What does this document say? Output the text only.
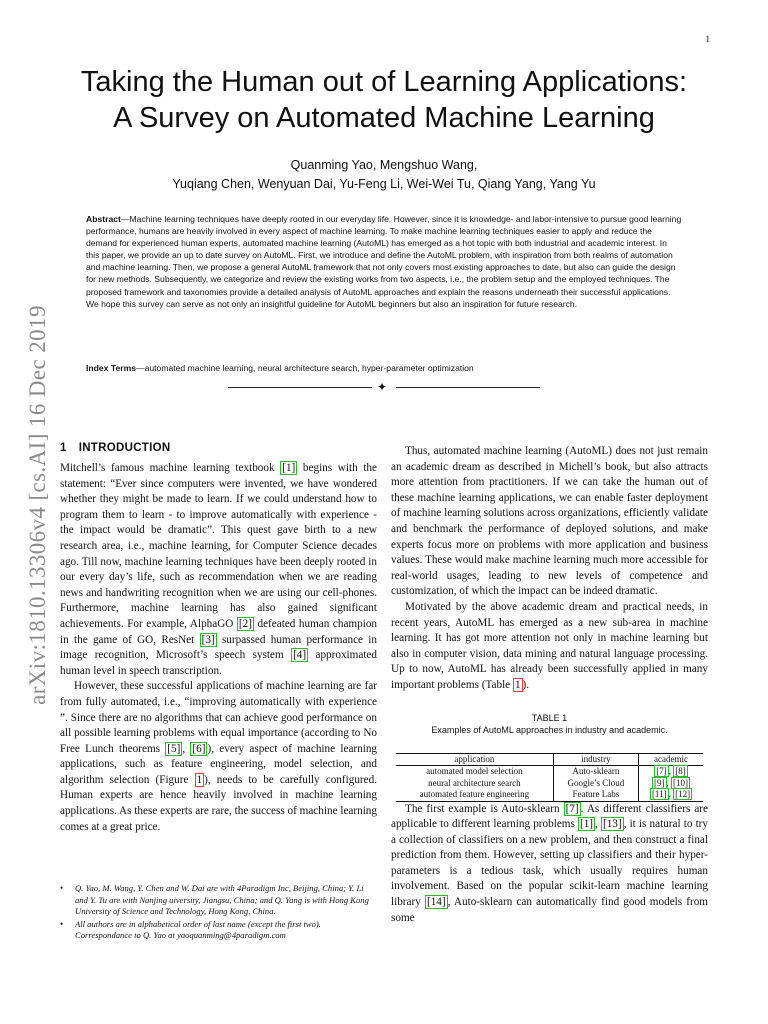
1
arXiv:1810.13306v4 [cs.AI] 16 Dec 2019
Taking the Human out of Learning Applications:
A Survey on Automated Machine Learning
Quanming Yao, Mengshuo Wang,
Yuqiang Chen, Wenyuan Dai, Yu-Feng Li, Wei-Wei Tu, Qiang Yang, Yang Yu
Abstract—Machine learning techniques have deeply rooted in our everyday life. However, since it is knowledge- and labor-intensive to pursue good learning performance, humans are heavily involved in every aspect of machine learning. To make machine learning techniques easier to apply and reduce the demand for experienced human experts, automated machine learning (AutoML) has emerged as a hot topic with both industrial and academic interest. In this paper, we provide an up to date survey on AutoML. First, we introduce and define the AutoML problem, with inspiration from both realms of automation and machine learning. Then, we propose a general AutoML framework that not only covers most existing approaches to date, but also can guide the design for new methods. Subsequently, we categorize and review the existing works from two aspects, i.e., the problem setup and the employed techniques. The proposed framework and taxonomies provide a detailed analysis of AutoML approaches and explain the reasons underneath their successful applications. We hope this survey can serve as not only an insightful guideline for AutoML beginners but also an inspiration for future research.
Index Terms—automated machine learning, neural architecture search, hyper-parameter optimization
✦
1 INTRODUCTION

Mitchell’s famous machine learning textbook [1] begins with the statement: “Ever since computers were invented, we have wondered whether they might be made to learn. If we could understand how to program them to learn - to improve automatically with experience - the impact would be dramatic”. This quest gave birth to a new research area, i.e., machine learning, for Computer Science decades ago. Till now, machine learning techniques have been deeply rooted in our every day’s life, such as recommendation when we are reading news and handwriting recognition when we are using our cell-phones. Furthermore, machine learning has also gained significant achievements. For example, AlphaGO [2] defeated human champion in the game of GO, ResNet [3] surpassed human performance in image recognition, Microsoft’s speech system [4] approximated human level in speech transcription.

However, these successful applications of machine learning are far from fully automated, i.e., “improving automatically with experience ”. Since there are no algorithms that can achieve good performance on all possible learning problems with equal importance (according to No Free Lunch theorems [5] , [6] ), every aspect of machine learning applications, such as feature engineering, model selection, and algorithm selection (Figure 1 ), needs to be carefully configured. Human experts are hence heavily involved in machine learning applications. As these experts are rare, the success of machine learning comes at a great price.

• Q. Yao, M. Wang, Y. Chen and W. Dai are with 4Paradigm Inc, Beijing, China; Y. Li and Y. Tu are with Nanjing uiversity, Jiangsu, China; and Q. Yang is with Hong Kong University of Science and Technology, Hong Kong, China.
• All authors are in alphabetical order of last name (except the first two). Correspondance to Q. Yao at yaoquanming@4paradigm.com

Thus, automated machine learning (AutoML) does not just remain an academic dream as described in Michell’s book, but also attracts more attention from practitioners. If we can take the human out of these machine learning applications, we can enable faster deployment of machine learning solutions across organizations, efficiently validate and benchmark the performance of deployed solutions, and make experts focus more on problems with more application and business values. These would make machine learning much more accessible for real-world usages, leading to new levels of competence and customization, of which the impact can be indeed dramatic.

Motivated by the above academic dream and practical needs, in recent years, AutoML has emerged as a new sub-area in machine learning. It has got more attention not only in machine learning but also in computer vision, data mining and natural language processing. Up to now, AutoML has already been successfully applied in many important problems (Table 1 ).

TABLE 1
Examples of AutoML approaches in industry and academic.
application	industry	academic
automated model selection	Auto-sklearn	[7] , [8]
neural architecture search	Google’s Cloud	[9] , [10]
automated feature engineering	Feature Labs	[11] , [12]

The first example is Auto-sklearn [7] . As different classifiers are applicable to different learning problems [1] , [13] , it is natural to try a collection of classifiers on a new problem, and then construct a final prediction from them. However, setting up classifiers and their hyper-parameters is a tedious task, which usually requires human involvement. Based on the popular scikit-learn machine learning library [14] , Auto-sklearn can automatically find good models from some
